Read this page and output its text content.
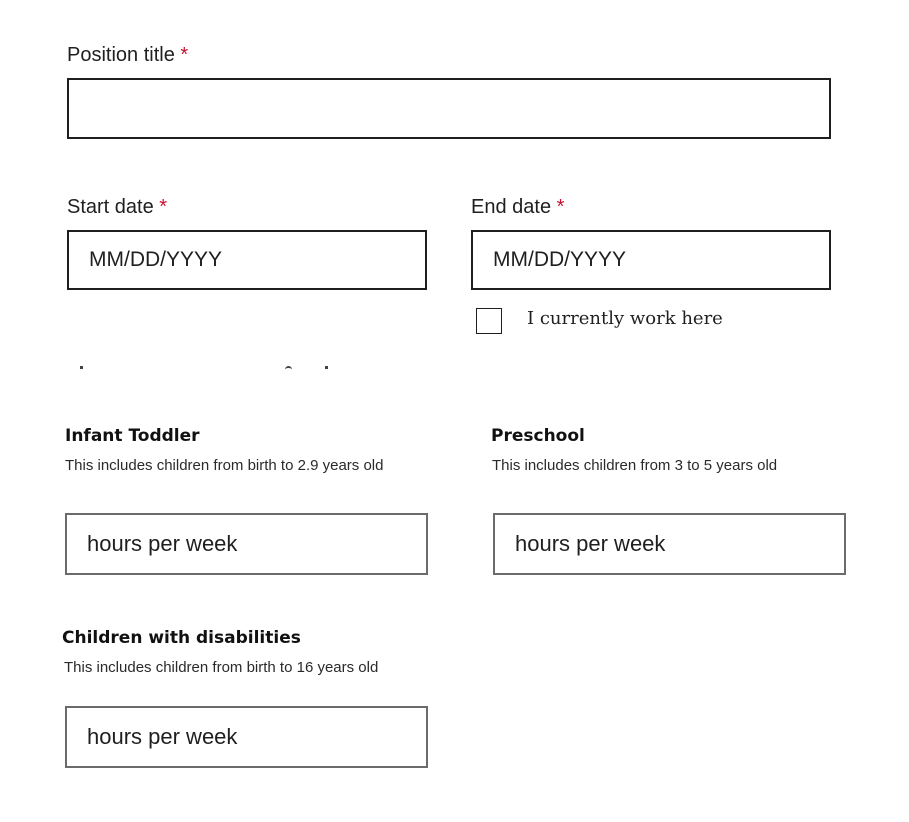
Position title *
Start date *
MM/DD/YYYY	End date *
MM/DD/YYYY
I currently work here
Infant Toddler
This includes children from birth to 2.9 years old
hours per week
Preschool
This includes children from 3 to 5 years old
hours per week
Children with disabilities
This includes children from birth to 16 years old
hours per week
